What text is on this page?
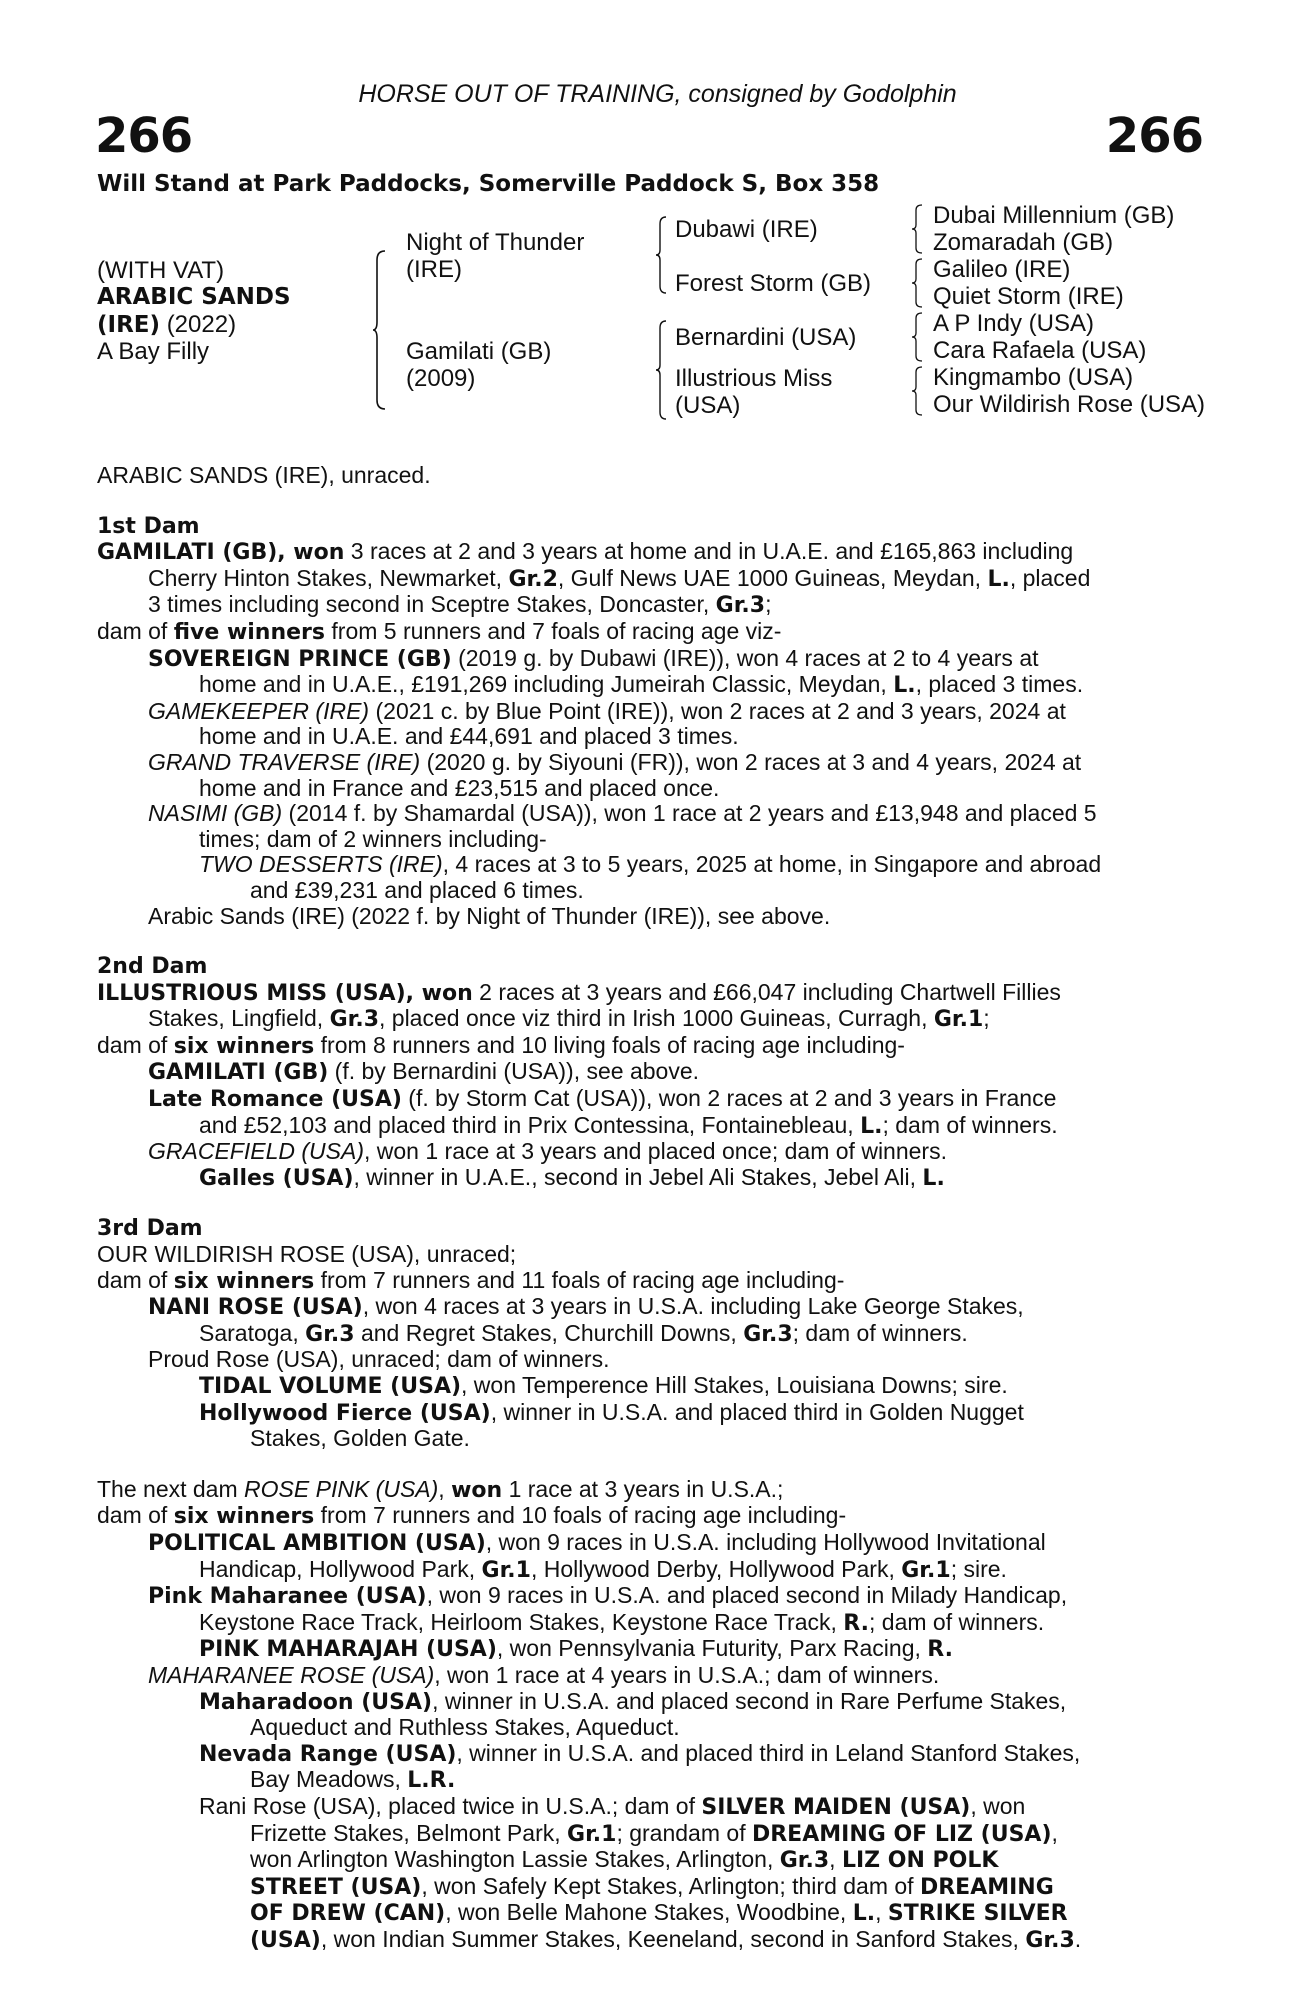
HORSE OUT OF TRAINING, consigned by Godolphin
266	266
Will Stand at Park Paddocks, Somerville Paddock S, Box 358
(WITH VAT)
ARABIC SANDS
(IRE) (2022)
A Bay Filly
Night of Thunder
(IRE)
Gamilati (GB)
(2009)
Dubawi (IRE)
Forest Storm (GB)
Bernardini (USA)
Illustrious Miss
(USA)
Dubai Millennium (GB)
Zomaradah (GB)
Galileo (IRE)
Quiet Storm (IRE)
A P Indy (USA)
Cara Rafaela (USA)
Kingmambo (USA)
Our Wildirish Rose (USA)

ARABIC SANDS (IRE), unraced.

1st Dam

GAMILATI (GB), won 3 races at 2 and 3 years at home and in U.A.E. and £165,863 including

Cherry Hinton Stakes, Newmarket, Gr.2, Gulf News UAE 1000 Guineas, Meydan, L., placed

3 times including second in Sceptre Stakes, Doncaster, Gr.3;

dam of five winners from 5 runners and 7 foals of racing age viz-

SOVEREIGN PRINCE (GB) (2019 g. by Dubawi (IRE)), won 4 races at 2 to 4 years at

home and in U.A.E., £191,269 including Jumeirah Classic, Meydan, L., placed 3 times.

GAMEKEEPER (IRE) (2021 c. by Blue Point (IRE)), won 2 races at 2 and 3 years, 2024 at

home and in U.A.E. and £44,691 and placed 3 times.

GRAND TRAVERSE (IRE) (2020 g. by Siyouni (FR)), won 2 races at 3 and 4 years, 2024 at

home and in France and £23,515 and placed once.

NASIMI (GB) (2014 f. by Shamardal (USA)), won 1 race at 2 years and £13,948 and placed 5

times; dam of 2 winners including-

TWO DESSERTS (IRE), 4 races at 3 to 5 years, 2025 at home, in Singapore and abroad

and £39,231 and placed 6 times.

Arabic Sands (IRE) (2022 f. by Night of Thunder (IRE)), see above.

2nd Dam

ILLUSTRIOUS MISS (USA), won 2 races at 3 years and £66,047 including Chartwell Fillies

Stakes, Lingfield, Gr.3, placed once viz third in Irish 1000 Guineas, Curragh, Gr.1;

dam of six winners from 8 runners and 10 living foals of racing age including-

GAMILATI (GB) (f. by Bernardini (USA)), see above.

Late Romance (USA) (f. by Storm Cat (USA)), won 2 races at 2 and 3 years in France

and £52,103 and placed third in Prix Contessina, Fontainebleau, L.; dam of winners.

GRACEFIELD (USA), won 1 race at 3 years and placed once; dam of winners.

Galles (USA), winner in U.A.E., second in Jebel Ali Stakes, Jebel Ali, L.

3rd Dam

OUR WILDIRISH ROSE (USA), unraced;

dam of six winners from 7 runners and 11 foals of racing age including-

NANI ROSE (USA), won 4 races at 3 years in U.S.A. including Lake George Stakes,

Saratoga, Gr.3 and Regret Stakes, Churchill Downs, Gr.3; dam of winners.

Proud Rose (USA), unraced; dam of winners.

TIDAL VOLUME (USA), won Temperence Hill Stakes, Louisiana Downs; sire.

Hollywood Fierce (USA), winner in U.S.A. and placed third in Golden Nugget

Stakes, Golden Gate.

The next dam ROSE PINK (USA), won 1 race at 3 years in U.S.A.;

dam of six winners from 7 runners and 10 foals of racing age including-

POLITICAL AMBITION (USA), won 9 races in U.S.A. including Hollywood Invitational

Handicap, Hollywood Park, Gr.1, Hollywood Derby, Hollywood Park, Gr.1; sire.

Pink Maharanee (USA), won 9 races in U.S.A. and placed second in Milady Handicap,

Keystone Race Track, Heirloom Stakes, Keystone Race Track, R.; dam of winners.

PINK MAHARAJAH (USA), won Pennsylvania Futurity, Parx Racing, R.

MAHARANEE ROSE (USA), won 1 race at 4 years in U.S.A.; dam of winners.

Maharadoon (USA), winner in U.S.A. and placed second in Rare Perfume Stakes,

Aqueduct and Ruthless Stakes, Aqueduct.

Nevada Range (USA), winner in U.S.A. and placed third in Leland Stanford Stakes,

Bay Meadows, L.R.

Rani Rose (USA), placed twice in U.S.A.; dam of SILVER MAIDEN (USA), won

Frizette Stakes, Belmont Park, Gr.1; grandam of DREAMING OF LIZ (USA),

won Arlington Washington Lassie Stakes, Arlington, Gr.3, LIZ ON POLK

STREET (USA), won Safely Kept Stakes, Arlington; third dam of DREAMING

OF DREW (CAN), won Belle Mahone Stakes, Woodbine, L., STRIKE SILVER

(USA), won Indian Summer Stakes, Keeneland, second in Sanford Stakes, Gr.3.
